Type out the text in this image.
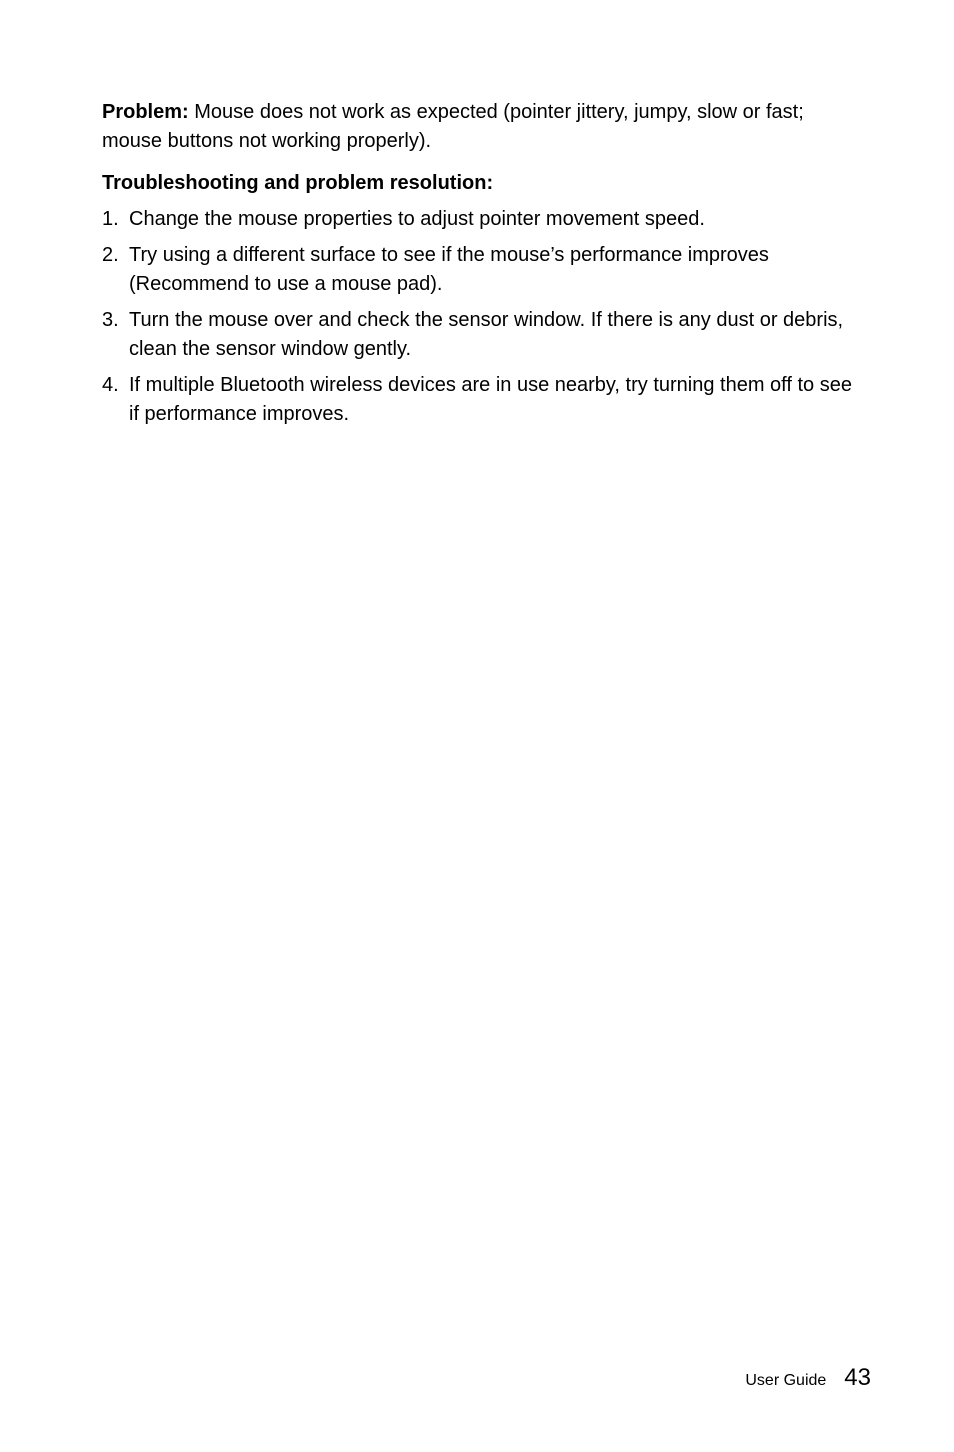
Problem: Mouse does not work as expected (pointer jittery, jumpy, slow or fast; mouse buttons not working properly).

Troubleshooting and problem resolution:

1. Change the mouse properties to adjust pointer movement speed.
2. Try using a different surface to see if the mouse’s performance improves (Recommend to use a mouse pad).
3. Turn the mouse over and check the sensor window. If there is any dust or debris, clean the sensor window gently.
4. If multiple Bluetooth wireless devices are in use nearby, try turning them off to see if performance improves.
User Guide 43
